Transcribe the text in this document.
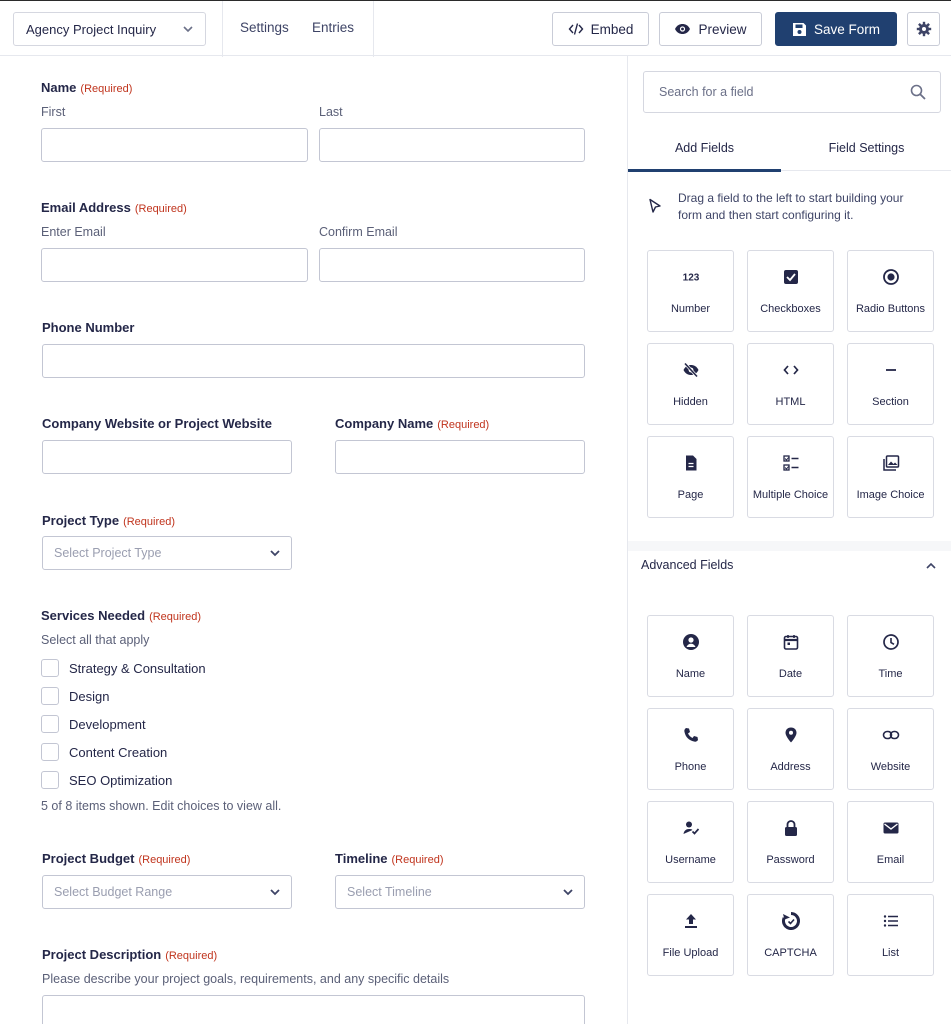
Agency Project Inquiry	Settings Entries	Embed	Preview	Save Form
Name (Required)
First	Last
Email Address (Required)
Enter Email	Confirm Email
Phone Number
Company Website or Project Website	Company Name (Required)
Project Type (Required)
Select Project Type
Services Needed (Required)
Select all that apply
Strategy & Consultation
Design
Development
Content Creation
SEO Optimization
5 of 8 items shown. Edit choices to view all.
Project Budget (Required)	Timeline (Required)
Select Budget Range	Select Timeline
Project Description (Required)
Please describe your project goals, requirements, and any specific details
Search for a field
Add Fields	Field Settings
Drag a field to the left to start building your form and then start configuring it.
123
Number	Checkboxes	Radio Buttons
Hidden	HTML	Section
Page	Multiple Choice	Image Choice
Advanced Fields
Name	Date	Time
Phone	Address	Website
Username	Password	Email
File Upload	CAPTCHA	List
